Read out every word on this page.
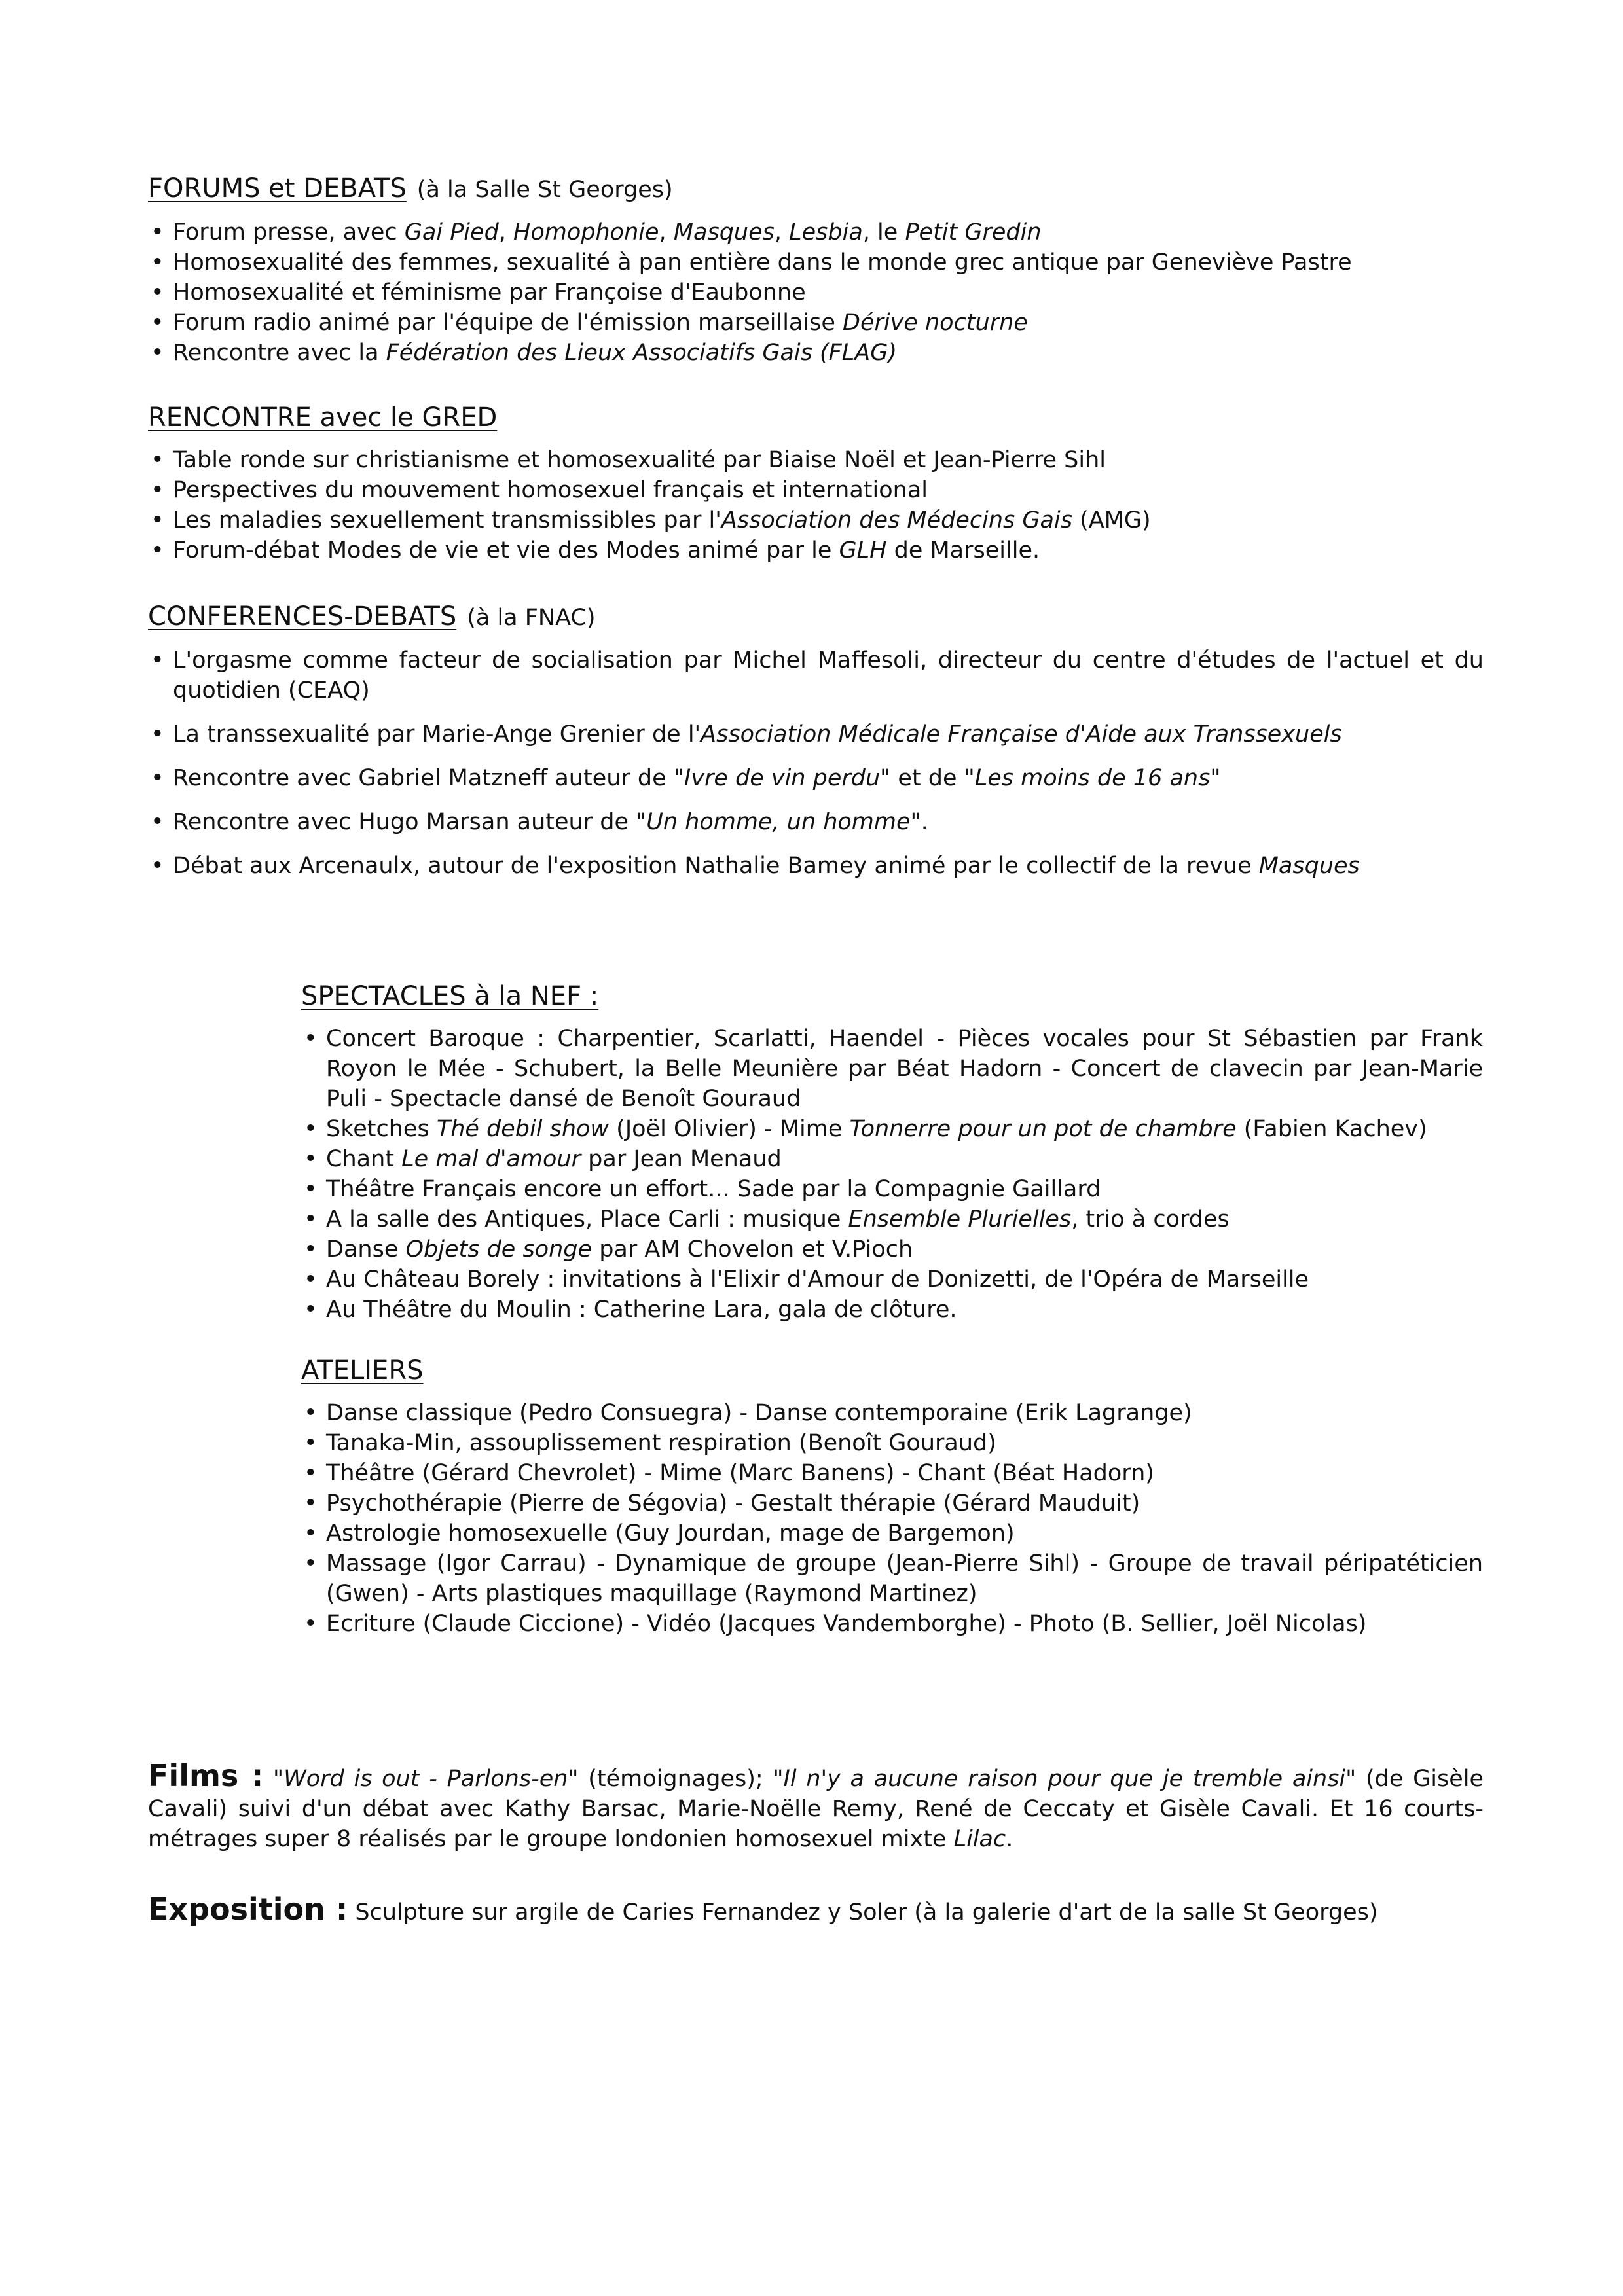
FORUMS et DEBATS (à la Salle St Georges)
• Forum presse, avec Gai Pied, Homophonie, Masques, Lesbia, le Petit Gredin
• Homosexualité des femmes, sexualité à pan entière dans le monde grec antique par Geneviève Pastre
• Homosexualité et féminisme par Françoise d'Eaubonne
• Forum radio animé par l'équipe de l'émission marseillaise Dérive nocturne
• Rencontre avec la Fédération des Lieux Associatifs Gais (FLAG)
RENCONTRE avec le GRED
• Table ronde sur christianisme et homosexualité par Biaise Noël et Jean-Pierre Sihl
• Perspectives du mouvement homosexuel français et international
• Les maladies sexuellement transmissibles par l'Association des Médecins Gais (AMG)
• Forum-débat Modes de vie et vie des Modes animé par le GLH de Marseille.
CONFERENCES-DEBATS (à la FNAC)
• L'orgasme comme facteur de socialisation par Michel Maffesoli, directeur du centre d'études de l'actuel et du quotidien (CEAQ)
• La transsexualité par Marie-Ange Grenier de l'Association Médicale Française d'Aide aux Transsexuels
• Rencontre avec Gabriel Matzneff auteur de "Ivre de vin perdu" et de "Les moins de 16 ans"
• Rencontre avec Hugo Marsan auteur de "Un homme, un homme".
• Débat aux Arcenaulx, autour de l'exposition Nathalie Bamey animé par le collectif de la revue Masques
SPECTACLES à la NEF :
• Concert Baroque : Charpentier, Scarlatti, Haendel - Pièces vocales pour St Sébastien par Frank Royon le Mée - Schubert, la Belle Meunière par Béat Hadorn - Concert de clavecin par Jean-Marie Puli - Spectacle dansé de Benoît Gouraud
• Sketches Thé debil show (Joël Olivier) - Mime Tonnerre pour un pot de chambre (Fabien Kachev)
• Chant Le mal d'amour par Jean Menaud
• Théâtre Français encore un effort... Sade par la Compagnie Gaillard
• A la salle des Antiques, Place Carli : musique Ensemble Plurielles, trio à cordes
• Danse Objets de songe par AM Chovelon et V.Pioch
• Au Château Borely : invitations à l'Elixir d'Amour de Donizetti, de l'Opéra de Marseille
• Au Théâtre du Moulin : Catherine Lara, gala de clôture.
ATELIERS
• Danse classique (Pedro Consuegra) - Danse contemporaine (Erik Lagrange)
• Tanaka-Min, assouplissement respiration (Benoît Gouraud)
• Théâtre (Gérard Chevrolet) - Mime (Marc Banens) - Chant (Béat Hadorn)
• Psychothérapie (Pierre de Ségovia) - Gestalt thérapie (Gérard Mauduit)
• Astrologie homosexuelle (Guy Jourdan, mage de Bargemon)
• Massage (Igor Carrau) - Dynamique de groupe (Jean-Pierre Sihl) - Groupe de travail péripatéticien (Gwen) - Arts plastiques maquillage (Raymond Martinez)
• Ecriture (Claude Ciccione) - Vidéo (Jacques Vandemborghe) - Photo (B. Sellier, Joël Nicolas)

Films : "Word is out - Parlons-en" (témoignages); "Il n'y a aucune raison pour que je tremble ainsi" (de Gisèle Cavali) suivi d'un débat avec Kathy Barsac, Marie-Noëlle Remy, René de Ceccaty et Gisèle Cavali. Et 16 courts-métrages super 8 réalisés par le groupe londonien homosexuel mixte Lilac.

Exposition : Sculpture sur argile de Caries Fernandez y Soler (à la galerie d'art de la salle St Georges)
